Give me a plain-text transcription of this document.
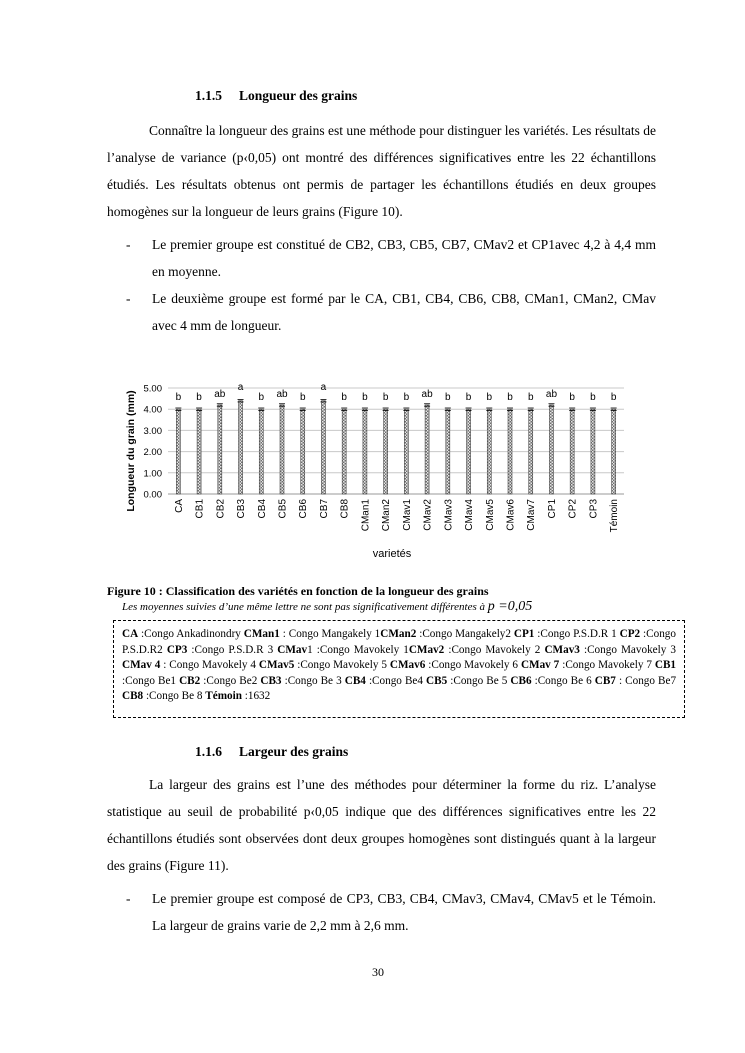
1.1.5 Longueur des grains
Connaître la longueur des grains est une méthode pour distinguer les variétés. Les résultats de l’analyse de variance (p‹0,05) ont montré des différences significatives entre les 22 échantillons étudiés. Les résultats obtenus ont permis de partager les échantillons étudiés en deux groupes homogènes sur la longueur de leurs grains (Figure 10).
- Le premier groupe est constitué de CB2, CB3, CB5, CB7, CMav2 et CP1avec 4,2 à 4,4 mm en moyenne.
- Le deuxième groupe est formé par le CA, CB1, CB4, CB6, CB8, CMan1, CMan2, CMav avec 4 mm de longueur.
0.00
1.00
2.00
3.00
4.00
5.00
b
CA
b
CB1
ab
CB2
a
CB3
b
CB4
ab
CB5
b
CB6
a
CB7
b
CB8
b
CMan1
b
CMan2
b
CMav1
ab
CMav2
b
CMav3
b
CMav4
b
CMav5
b
CMav6
b
CMav7
ab
CP1
b
CP2
b
CP3
b
Témoin
Longueur du grain (mm)
varietés
Figure 10 : Classification des variétés en fonction de la longueur des grains
Les moyennes suivies d’une même lettre ne sont pas significativement différentes à p =0,05
CA :Congo Ankadinondry CMan1 : Congo Mangakely 1CMan2 :Congo Mangakely2 CP1 :Congo P.S.D.R 1 CP2 :Congo P.S.D.R2 CP3 :Congo P.S.D.R 3 CMav1 :Congo Mavokely 1CMav2 :Congo Mavokely 2 CMav3 :Congo Mavokely 3 CMav 4 : Congo Mavokely 4 CMav5 :Congo Mavokely 5 CMav6 :Congo Mavokely 6 CMav 7 :Congo Mavokely 7 CB1 :Congo Be1 CB2 :Congo Be2 CB3 :Congo Be 3 CB4 :Congo Be4 CB5 :Congo Be 5 CB6 :Congo Be 6 CB7 : Congo Be7 CB8 :Congo Be 8 Témoin :1632
1.1.6 Largeur des grains
La largeur des grains est l’une des méthodes pour déterminer la forme du riz. L’analyse statistique au seuil de probabilité p‹0,05 indique que des différences significatives entre les 22 échantillons étudiés sont observées dont deux groupes homogènes sont distingués quant à la largeur des grains (Figure 11).
- Le premier groupe est composé de CP3, CB3, CB4, CMav3, CMav4, CMav5 et le Témoin. La largeur de grains varie de 2,2 mm à 2,6 mm.
30
